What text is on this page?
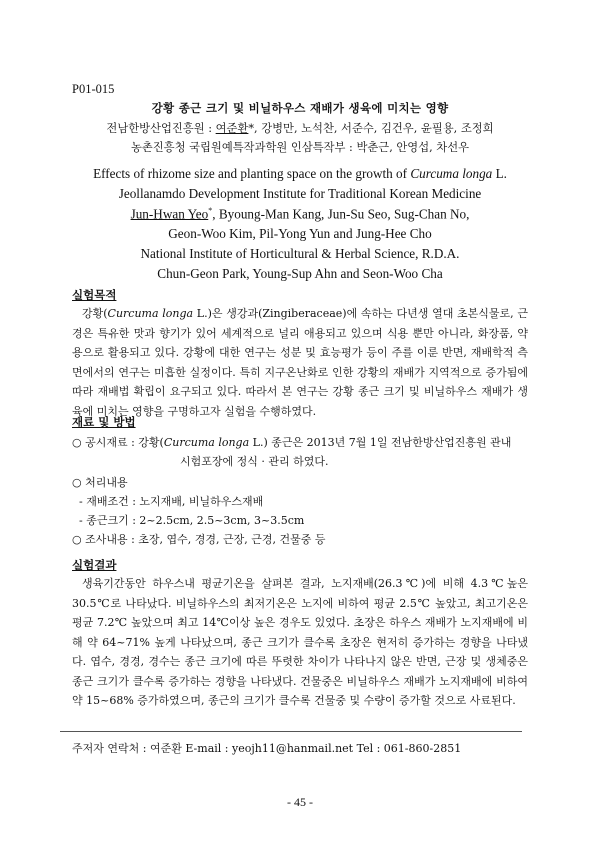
P01-015
강황 종근 크기 및 비닐하우스 재배가 생육에 미치는 영향
전남한방산업진흥원 : 여준환*, 강병만, 노석찬, 서준수, 김건우, 윤필용, 조정희
농촌진흥청 국립원예특작과학원 인삼특작부 : 박춘근, 안영섭, 차선우
Effects of rhizome size and planting space on the growth of Curcuma longa L.
Jeollanamdo Development Institute for Traditional Korean Medicine
Jun-Hwan Yeo*, Byoung-Man Kang, Jun-Su Seo, Sug-Chan No,
Geon-Woo Kim, Pil-Yong Yun and Jung-Hee Cho
National Institute of Horticultural & Herbal Science, R.D.A.
Chun-Geon Park, Young-Sup Ahn and Seon-Woo Cha
실험목적
강황(Curcuma longa L.)은 생강과(Zingiberaceae)에 속하는 다년생 열대 초본식물로, 근경은 특유한 맛과 향기가 있어 세계적으로 널리 애용되고 있으며 식용 뿐만 아니라, 화장품, 약용으로 활용되고 있다. 강황에 대한 연구는 성분 및 효능평가 등이 주를 이룬 반면, 재배학적 측면에서의 연구는 미흡한 실정이다. 특히 지구온난화로 인한 강황의 재배가 지역적으로 증가됨에 따라 재배법 확립이 요구되고 있다. 따라서 본 연구는 강황 종근 크기 및 비닐하우스 재배가 생육에 미치는 영향을 구명하고자 실험을 수행하였다.
재료 및 방법
○ 공시재료 : 강황(Curcuma longa L.) 종근은 2013년 7월 1일 전남한방산업진흥원 관내
시험포장에 정식 · 관리 하였다.
○ 처리내용
- 재배조건 : 노지재배, 비닐하우스재배
- 종근크기 : 2~2.5cm, 2.5~3cm, 3~3.5cm
○ 조사내용 : 초장, 엽수, 경경, 근장, 근경, 건물중 등
실험결과
생육기간동안 하우스내 평균기온을 살펴본 결과, 노지재배(26.3℃)에 비해 4.3℃높은 30.5℃로 나타났다. 비닐하우스의 최저기온은 노지에 비하여 평균 2.5℃ 높았고, 최고기온은 평균 7.2℃ 높았으며 최고 14℃이상 높은 경우도 있었다. 초장은 하우스 재배가 노지재배에 비해 약 64~71% 높게 나타났으며, 종근 크기가 클수록 초장은 현저히 증가하는 경향을 나타냈다. 엽수, 경경, 경수는 종근 크기에 따른 뚜렷한 차이가 나타나지 않은 반면, 근장 및 생체중은 종근 크기가 클수록 증가하는 경향을 나타냈다. 건물중은 비닐하우스 재배가 노지재배에 비하여 약 15~68% 증가하였으며, 종근의 크기가 클수록 건물중 및 수량이 증가할 것으로 사료된다.
주저자 연락처 : 여준환 E-mail : yeojh11@hanmail.net Tel : 061-860-2851
- 45 -
